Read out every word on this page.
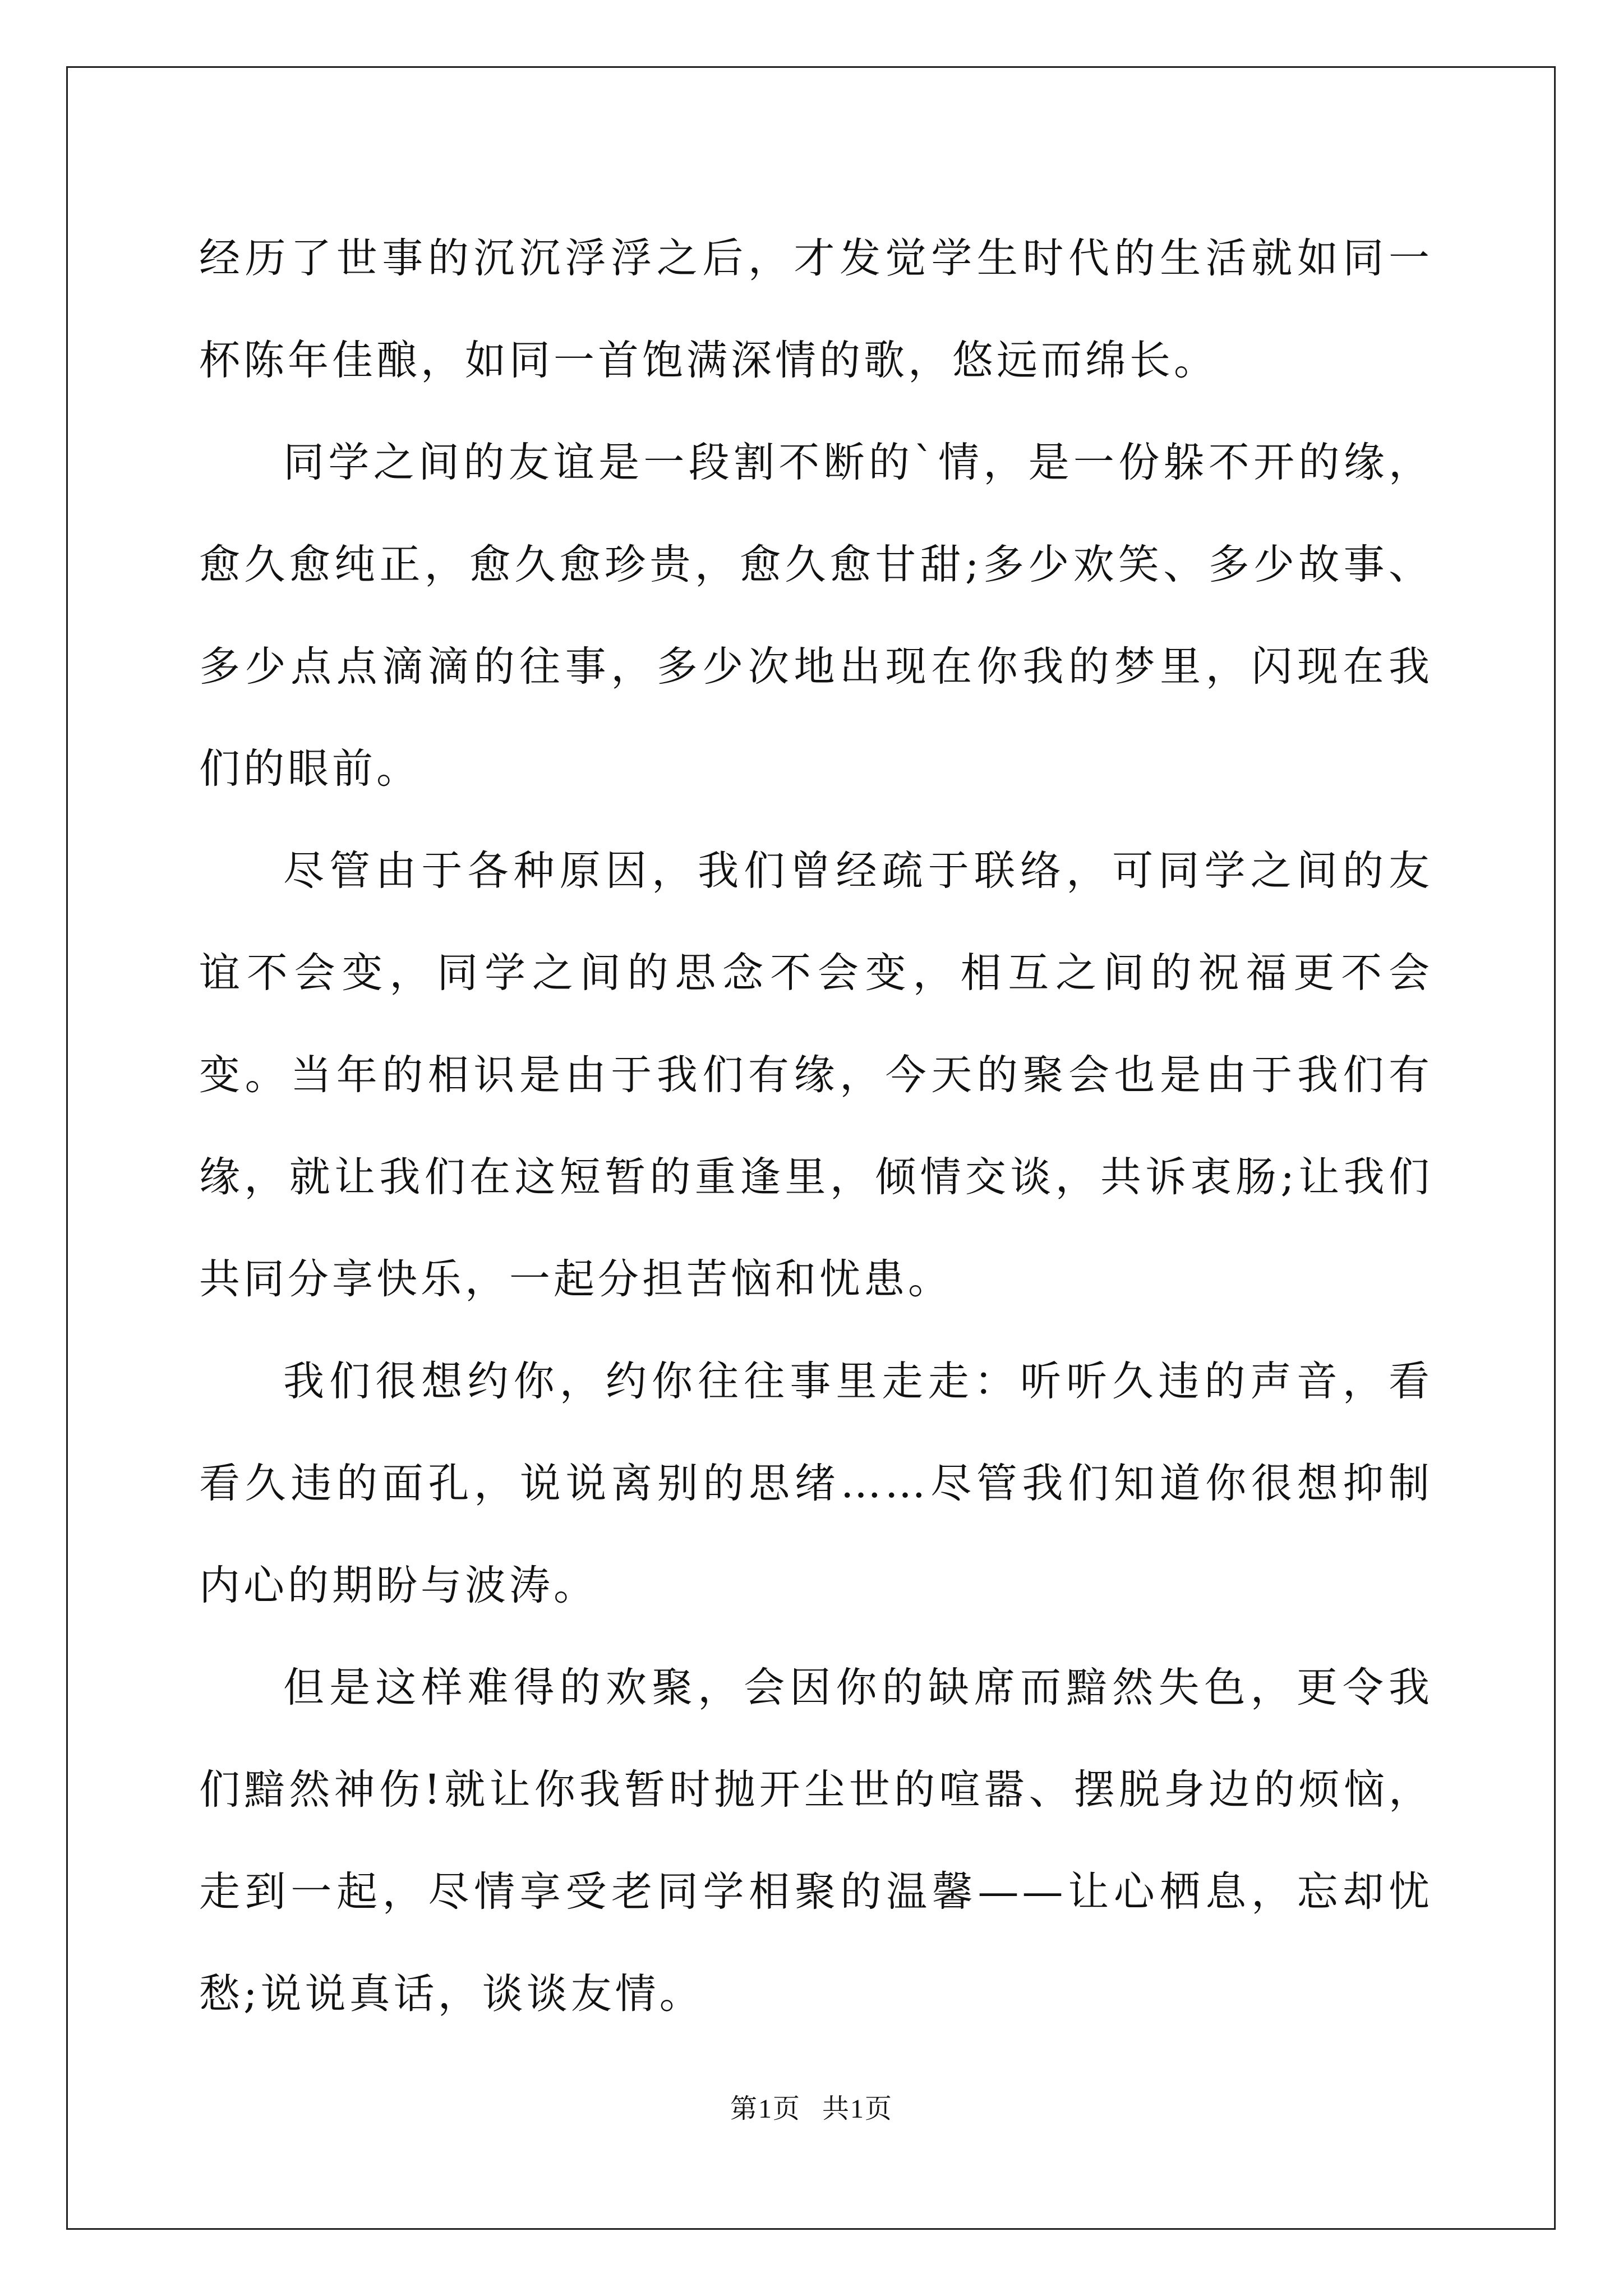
经历了世事的沉沉浮浮之后，才发觉学生时代的生活就如同一杯陈年佳酿，如同一首饱满深情的歌，悠远而绵长。

同学之间的友谊是一段割不断的`情，是一份躲不开的缘，愈久愈纯正，愈久愈珍贵，愈久愈甘甜;多少欢笑、多少故事、多少点点滴滴的往事，多少次地出现在你我的梦里，闪现在我们的眼前。

尽管由于各种原因，我们曾经疏于联络，可同学之间的友谊不会变，同学之间的思念不会变，相互之间的祝福更不会变。当年的相识是由于我们有缘，今天的聚会也是由于我们有缘，就让我们在这短暂的重逢里，倾情交谈，共诉衷肠;让我们共同分享快乐，一起分担苦恼和忧患。

我们很想约你，约你往往事里走走：听听久违的声音，看看久违的面孔，说说离别的思绪……尽管我们知道你很想抑制内心的期盼与波涛。

但是这样难得的欢聚，会因你的缺席而黯然失色，更令我们黯然神伤!就让你我暂时抛开尘世的喧嚣、摆脱身边的烦恼，走到一起，尽情享受老同学相聚的温馨——让心栖息，忘却忧愁;说说真话，谈谈友情。

第1页 共1页
